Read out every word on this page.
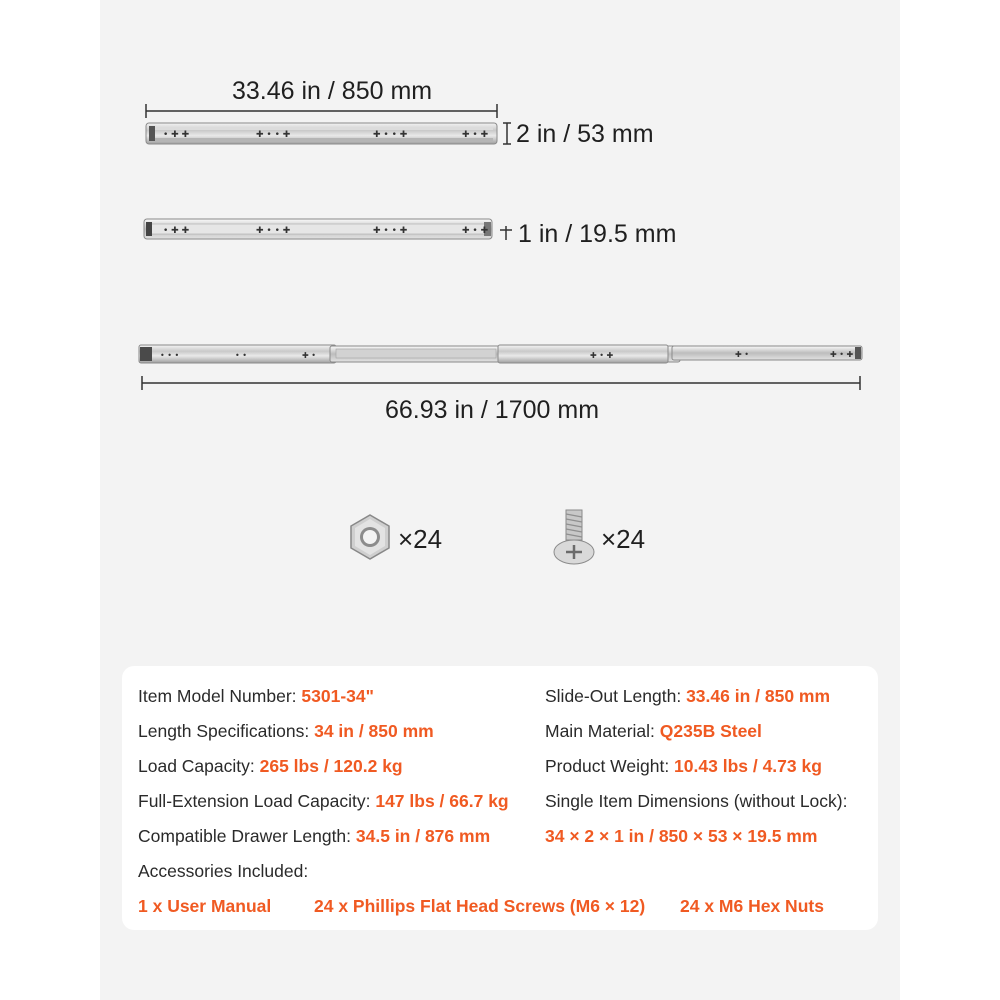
33.46 in / 850 mm
• ✚ ✚	✚ • • ✚	✚ • • ✚	✚ • ✚
• ✚ ✚	✚ • • ✚	✚ • • ✚	✚ • ✚
• • •	• •	✚ •	✚ • ✚	✚ •	✚ • ✚
2 in / 53 mm
1 in / 19.5 mm
66.93 in / 1700 mm
×24	×24
Item Model Number: 5301-34"
Length Specifications: 34 in / 850 mm
Load Capacity: 265 lbs / 120.2 kg
Full-Extension Load Capacity: 147 lbs / 66.7 kg
Compatible Drawer Length: 34.5 in / 876 mm
Slide-Out Length: 33.46 in / 850 mm
Main Material: Q235B Steel
Product Weight: 10.43 lbs / 4.73 kg
Single Item Dimensions (without Lock):
34 × 2 × 1 in / 850 × 53 × 19.5 mm
Accessories Included:
1 x User Manual 24 x Phillips Flat Head Screws (M6 × 12) 24 x M6 Hex Nuts
